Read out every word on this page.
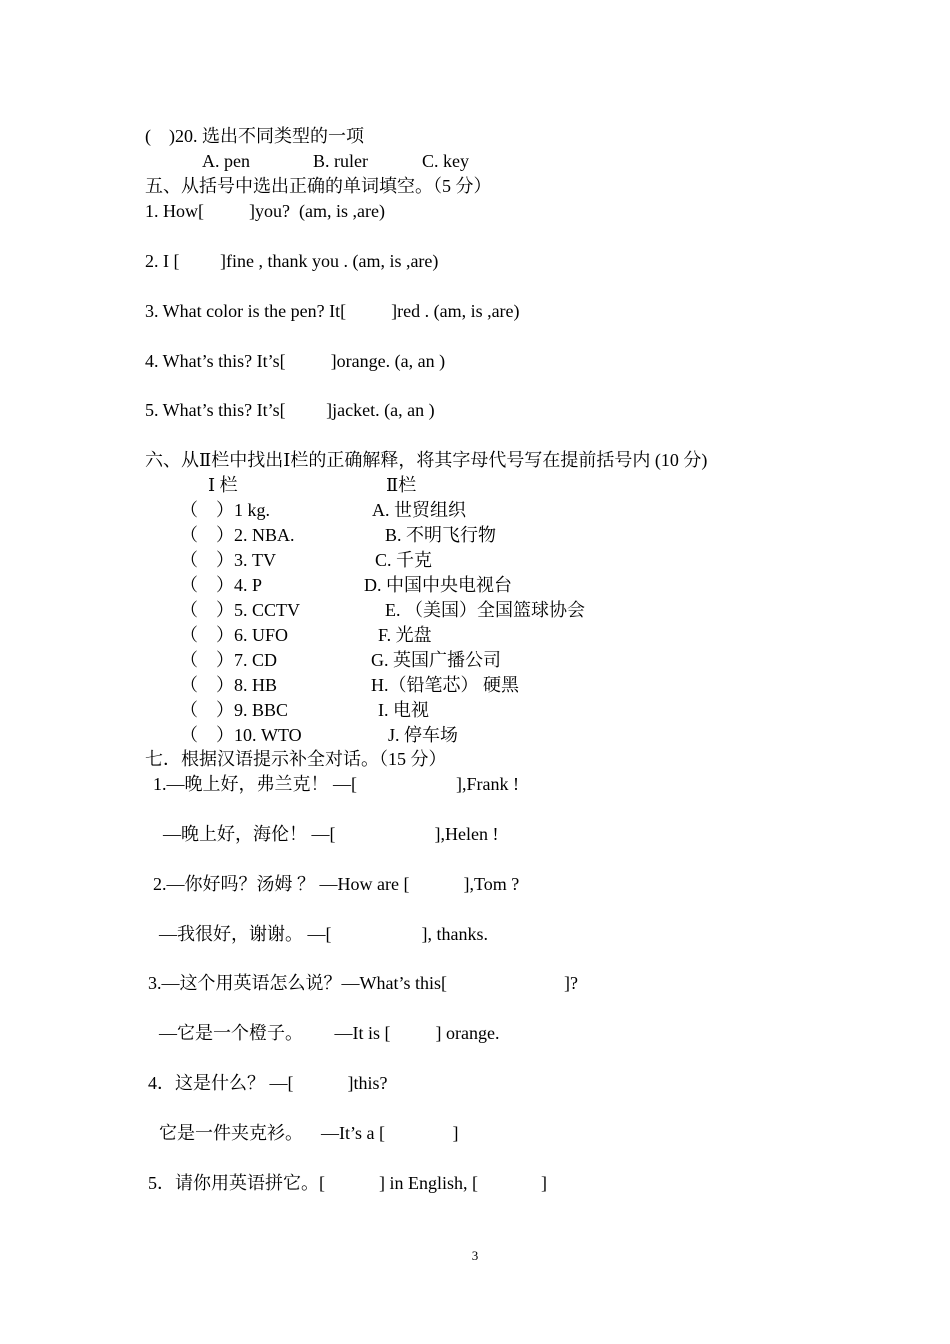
(    )20. 选出不同类型的一项
A. pen              B. ruler            C. key
五、从括号中选出正确的单词填空。（5 分）
1. How[          ]you?  (am, is ,are)
2. I [         ]fine , thank you . (am, is ,are)
3. What color is the pen? It[          ]red . (am, is ,are)
4. What’s this? It’s[          ]orange. (a, an )
5. What’s this? It’s[         ]jacket. (a, an )
六、从Ⅱ栏中找出Ⅰ栏的正确解释，将其字母代号写在提前括号内 (10 分)
Ⅰ 栏	Ⅱ栏
（    ）1 kg.	A. 世贸组织
（    ）2. NBA.	B. 不明飞行物
（    ）3. TV	C. 千克
（    ）4. P	D. 中国中央电视台
（    ）5. CCTV	E. （美国）全国篮球协会
（    ）6. UFO	F. 光盘
（    ）7. CD	G. 英国广播公司
（    ）8. HB	H.（铅笔芯） 硬黑
（    ）9. BBC	I. 电视
（    ）10. WTO	J. 停车场
七．根据汉语提示补全对话。（15 分）
1.—晚上好，弗兰克！ —[                      ],Frank !
—晚上好，海伦！ —[                      ],Helen !
2.—你好吗？汤姆 ？ —How are [            ],Tom ?
—我很好，谢谢。 —[                    ], thanks.
3.—这个用英语怎么说？—What’s this[                          ]?
—它是一个橙子。       —It is [          ] orange.
4．这是什么？ —[            ]this?
它是一件夹克衫。    —It’s a [               ]
5．请你用英语拼它。[            ] in English, [              ]
3
